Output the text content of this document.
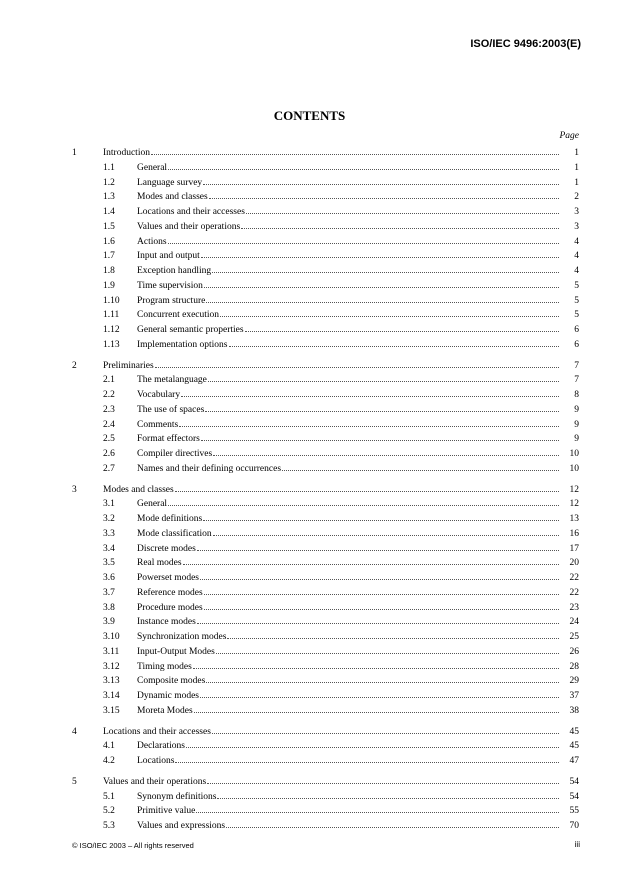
ISO/IEC 9496:2003(E)
CONTENTS
Page
1	Introduction	1
1.1 General	1
1.2 Language survey	1
1.3 Modes and classes	2
1.4 Locations and their accesses	3
1.5 Values and their operations	3
1.6 Actions	4
1.7 Input and output	4
1.8 Exception handling	4
1.9 Time supervision	5
1.10 Program structure	5
1.11 Concurrent execution	5
1.12 General semantic properties	6
1.13 Implementation options	6
2	Preliminaries	7
2.1 The metalanguage	7
2.2 Vocabulary	8
2.3 The use of spaces	9
2.4 Comments	9
2.5 Format effectors	9
2.6 Compiler directives	10
2.7 Names and their defining occurrences	10
3	Modes and classes	12
3.1 General	12
3.2 Mode definitions	13
3.3 Mode classification	16
3.4 Discrete modes	17
3.5 Real modes	20
3.6 Powerset modes	22
3.7 Reference modes	22
3.8 Procedure modes	23
3.9 Instance modes	24
3.10 Synchronization modes	25
3.11 Input-Output Modes	26
3.12 Timing modes	28
3.13 Composite modes	29
3.14 Dynamic modes	37
3.15 Moreta Modes	38
4	Locations and their accesses	45
4.1 Declarations	45
4.2 Locations	47
5	Values and their operations	54
5.1 Synonym definitions	54
5.2 Primitive value	55
5.3 Values and expressions	70
© ISO/IEC 2003 – All rights reserved	iii
